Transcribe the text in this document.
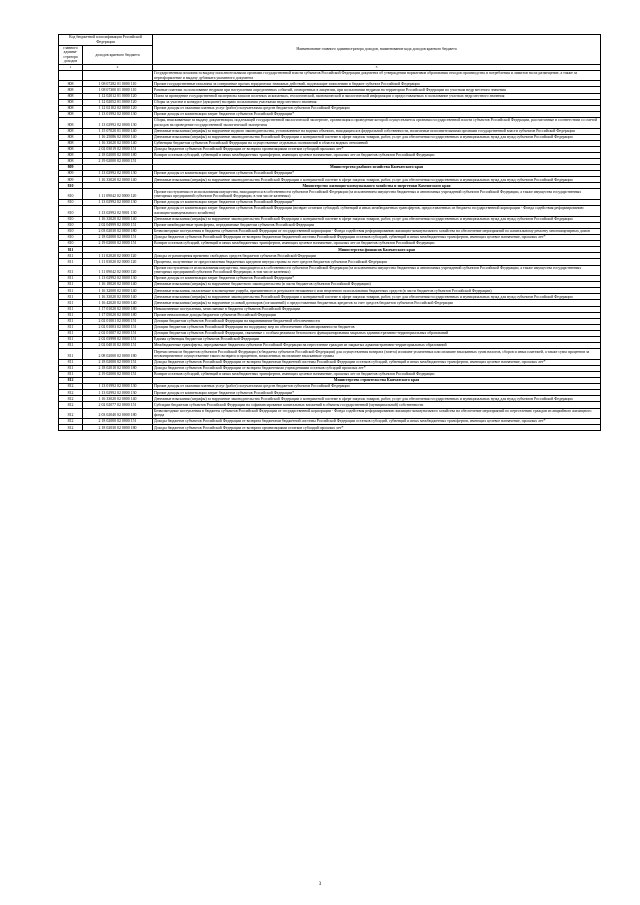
Код бюджетной классификации Российской Федерации		Наименование главного администратора доходов, наименование кода доходов краевого бюджета
главного админи-стратора доходов	доходов краевого бюджета	
1	2	3
		Государственная пошлина за выдачу исполнительными органами государственной власти субъектов Российской Федерации документа об утверждении нормативов образования отходов производства и потребления и лимитов на их размещение, а также за переоформление и выдачу дубликата указанного документа
808	1 08 07282 01 0000 110	Прочие государственные пошлины за совершение прочих юридически значимых действий, подлежащие зачислению в бюджет субъекта Российской Федерации
808	1 08 07300 01 0000 110	Разовые платежи за пользование недрами при наступлении определенных событий, оговоренных в лицензии, при пользовании недрами на территории Российской Федерации по участкам недр местного значения
808	1 12 02012 01 0000 120	Плата за проведение государственной экспертизы запасов полезных ископаемых, геологической, экономической и экологической информации о предоставляемых в пользование участках недр местного значения
808	1 12 02052 01 0000 120	Сборы за участие в конкурсе (аукционе) на право пользования участками недр местного значения
808	1 12 02102 02 0000 120	Прочие доходы от оказания платных услуг (работ) получателями средств бюджетов субъектов Российской Федерации
808	1 13 01992 02 0000 130	Прочие доходы от компенсации затрат бюджетов субъектов Российской Федерации*
808	1 13 02992 02 0000 130	Сборы, взыскиваемые за выдачу документации, подлежащей государственной экологической экспертизе, организация и проведение которой осуществляется органами государственной власти субъектов Российской Федерации, рассчитанные в соответствии со сметой расходов на проведение государственной экологической экспертизы
808	1 15 07020 01 0000 140	Денежные взыскания (штрафы) за нарушение водного законодательства, установленное на водных объектах, находящихся в федеральной собственности, налагаемые исполнительными органами государственной власти субъектов Российской Федерации
808	1 16 25086 02 0000 140	Денежные взыскания (штрафы) за нарушение законодательства Российской Федерации о контрактной системе в сфере закупок товаров, работ, услуг для обеспечения государственных и муниципальных нужд для нужд субъектов Российской Федерации
808	1 16 33020 02 0000 140	Субвенции бюджетам субъектов Российской Федерации на осуществление отдельных полномочий в области водных отношений
808	2 02 03019 02 0000 151	Доходы бюджетов субъектов Российской Федерации от возврата организациями остатков субсидий прошлых лет*
808	2 18 02000 02 0000 180	Возврат остатков субсидий, субвенций и иных межбюджетных трансфертов, имеющих целевое назначение, прошлых лет из бюджетов субъектов Российской Федерации
808	2 19 02000 02 0000 151	
809		Министерство рыбного хозяйства Камчатского края
809	1 13 02992 02 0000 130	Прочие доходы от компенсации затрат бюджетов субъектов Российской Федерации*
809	1 16 33020 02 0000 140	Денежные взыскания (штрафы) за нарушение законодательства Российской Федерации о контрактной системе в сфере закупок товаров, работ, услуг для обеспечения государственных и муниципальных нужд для нужд субъектов Российской Федерации
810		Министерство жилищно-коммунального хозяйства и энергетики Камчатского края
810	1 11 09042 02 0000 120	Прочие поступления от использования имущества, находящегося в собственности субъектов Российской Федерации (за исключением имущества бюджетных и автономных учреждений субъектов Российской Федерации, а также имущества государственных унитарных предприятий субъектов Российской Федерации, в том числе казенных)
810	1 13 02992 02 0000 130	Прочие доходы от компенсации затрат бюджетов субъектов Российской Федерации*
810	1 13 02992 02 9001 130	Прочие доходы от компенсации затрат бюджетов субъектов Российской Федерации (возврат остатков субсидий, субвенций и иных межбюджетных трансфертов, предоставленных из бюджета государственной корпорации - Фонда содействия реформированию жилищно-коммунального хозяйства)
810	1 16 33020 02 0000 140	Денежные взыскания (штрафы) за нарушение законодательства Российской Федерации о контрактной системе в сфере закупок товаров, работ, услуг для обеспечения государственных и муниципальных нужд для нужд субъектов Российской Федерации
810	2 02 04999 02 0000 151	Прочие межбюджетные трансферты, передаваемые бюджетам субъектов Российской Федерации
810	2 03 02030 02 0000 180	Безвозмездные поступления в бюджеты субъектов Российской Федерации от государственной корпорации - Фонда содействия реформированию жилищно-коммунального хозяйства на обеспечение мероприятий по капитальному ремонту многоквартирных домов
810	2 18 02000 02 0000 151	Доходы бюджетов субъектов Российской Федерации от возврата бюджетами бюджетной системы Российской Федерации остатков субсидий, субвенций и иных межбюджетных трансфертов, имеющих целевое назначение, прошлых лет*
810	2 19 02000 02 0000 151	Возврат остатков субсидий, субвенций и иных межбюджетных трансфертов, имеющих целевое назначение, прошлых лет из бюджетов субъектов Российской Федерации
811		Министерство финансов Камчатского края
811	1 11 02020 02 0000 120	Доходы от размещения временно свободных средств бюджетов субъектов Российской Федерации
811	1 11 03020 02 0000 120	Проценты, полученные от предоставления бюджетных кредитов внутри страны за счет средств бюджетов субъектов Российской Федерации
811	1 11 09042 02 0000 120	Прочие поступления от использования имущества, находящегося в собственности субъектов Российской Федерации (за исключением имущества бюджетных и автономных учреждений субъектов Российской Федерации, а также имущества государственных унитарных предприятий субъектов Российской Федерации, в том числе казенных)
811	1 13 02992 02 0000 130	Прочие доходы от компенсации затрат бюджетов субъектов Российской Федерации*
811	1 16 18020 02 0000 140	Денежные взыскания (штрафы) за нарушение бюджетного законодательства (в части бюджетов субъектов Российской Федерации)
811	1 16 32000 02 0000 140	Денежные взыскания, налагаемые в возмещение ущерба, причиненного в результате незаконного или нецелевого использования бюджетных средств (в части бюджетов субъектов Российской Федерации)
811	1 16 33020 02 0000 140	Денежные взыскания (штрафы) за нарушение законодательства Российской Федерации о контрактной системе в сфере закупок товаров, работ, услуг для обеспечения государственных и муниципальных нужд для нужд субъектов Российской Федерации
811	1 16 42020 02 0000 140	Денежные взыскания (штрафы) за нарушение условий договоров (соглашений) о предоставлении бюджетных кредитов за счет средств бюджетов субъектов Российской Федерации
811	1 17 01020 02 0000 180	Невыясненные поступления, зачисляемые в бюджеты субъектов Российской Федерации
811	1 17 05020 02 0000 180	Прочие неналоговые доходы бюджетов субъектов Российской Федерации
811	2 02 01001 02 0000 151	Дотации бюджетам субъектов Российской Федерации на выравнивание бюджетной обеспеченности
811	2 02 01003 02 0000 151	Дотации бюджетам субъектов Российской Федерации на поддержку мер по обеспечению сбалансированности бюджетов
811	2 02 01007 02 0000 151	Дотации бюджетам субъектов Российской Федерации, связанные с особым режимом безопасного функционирования закрытых административно-территориальных образований
811	2 02 03998 02 0000 151	Единая субвенция бюджетам субъектов Российской Федерации
811	2 02 04010 02 0000 151	Межбюджетные трансферты, передаваемые бюджетам субъектов Российской Федерации на переселение граждан из закрытых административно-территориальных образований
811	2 08 02000 02 0000 180	Перечисления из бюджетов субъектов Российской Федерации (в бюджеты субъектов Российской Федерации) для осуществления возврата (зачета) излишне уплаченных или излишне взысканных сумм налогов, сборов и иных платежей, а также сумм процентов за несвоевременное осуществление такого возврата и процентов, начисленных на излишне взысканные суммы
811	2 18 02000 02 0000 151	Доходы бюджетов субъектов Российской Федерации от возврата бюджетами бюджетной системы Российской Федерации остатков субсидий, субвенций и иных межбюджетных трансфертов, имеющих целевое назначение, прошлых лет*
811	2 18 02010 02 0000 180	Доходы бюджетов субъектов Российской Федерации от возврата бюджетными учреждениями остатков субсидий прошлых лет*
811	2 19 02000 02 0000 151	Возврат остатков субсидий, субвенций и иных межбюджетных трансфертов, имеющих целевое назначение, прошлых лет из бюджетов субъектов Российской Федерации
812		Министерство строительства Камчатского края
812	1 13 01992 02 0000 130	Прочие доходы от оказания платных услуг (работ) получателями средств бюджетов субъектов Российской Федерации
812	1 13 02992 02 0000 130	Прочие доходы от компенсации затрат бюджетов субъектов Российской Федерации*
812	1 16 33020 02 0000 140	Денежные взыскания (штрафы) за нарушение законодательства Российской Федерации о контрактной системе в сфере закупок товаров, работ, услуг для обеспечения государственных и муниципальных нужд для нужд субъектов Российской Федерации
812	2 02 02077 02 0000 151	Субсидии бюджетам субъектов Российской Федерации на софинансирование капитальных вложений в объекты государственной (муниципальной) собственности
812	2 03 02040 02 0000 180	Безвозмездные поступления в бюджеты субъектов Российской Федерации от государственной корпорации - Фонда содействия реформированию жилищно-коммунального хозяйства на обеспечение мероприятий по переселению граждан из аварийного жилищного фонда
812	2 18 02000 02 0000 151	Доходы бюджетов субъектов Российской Федерации от возврата бюджетами бюджетной системы Российской Федерации остатков субсидий, субвенций и иных межбюджетных трансфертов, имеющих целевое назначение, прошлых лет*
812	2 18 02030 02 0000 180	Доходы бюджетов субъектов Российской Федерации от возврата организациями остатков субсидий прошлых лет*
3
